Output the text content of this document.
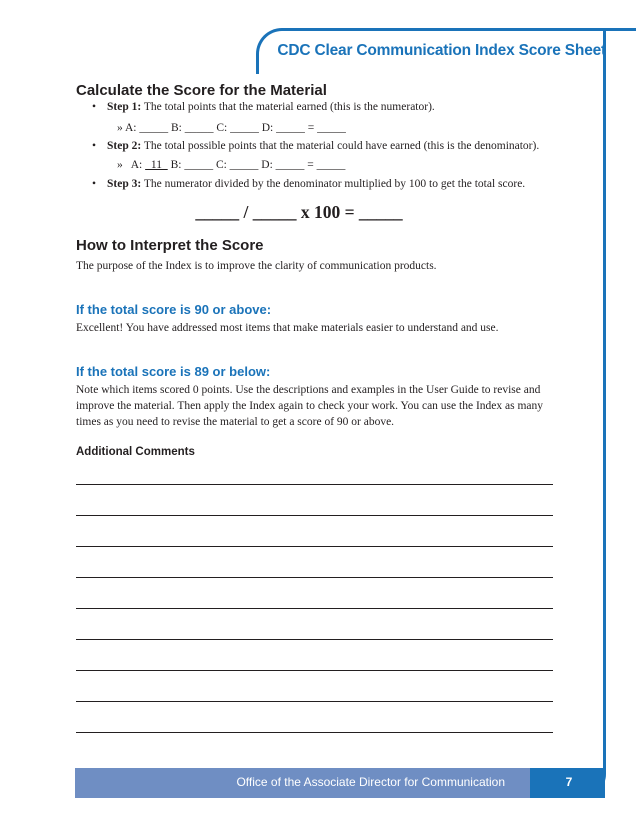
CDC Clear Communication Index Score Sheet
Calculate the Score for the Material
• Step 1: The total points that the material earned (this is the numerator).
» A: _____ B: _____ C: _____ D: _____ = _____
• Step 2: The total possible points that the material could have earned (this is the denominator).
»   A:   11   B: _____ C: _____ D: _____ = _____
• Step 3: The numerator divided by the denominator multiplied by 100 to get the total score.
_____ / _____ x 100 = _____
How to Interpret the Score
The purpose of the Index is to improve the clarity of communication products.
If the total score is 90 or above:
Excellent! You have addressed most items that make materials easier to understand and use.
If the total score is 89 or below:
Note which items scored 0 points. Use the descriptions and examples in the User Guide to revise and improve the material. Then apply the Index again to check your work. You can use the Index as many times as you need to revise the material to get a score of 90 or above.
Additional Comments
Office of the Associate Director for Communication	7
